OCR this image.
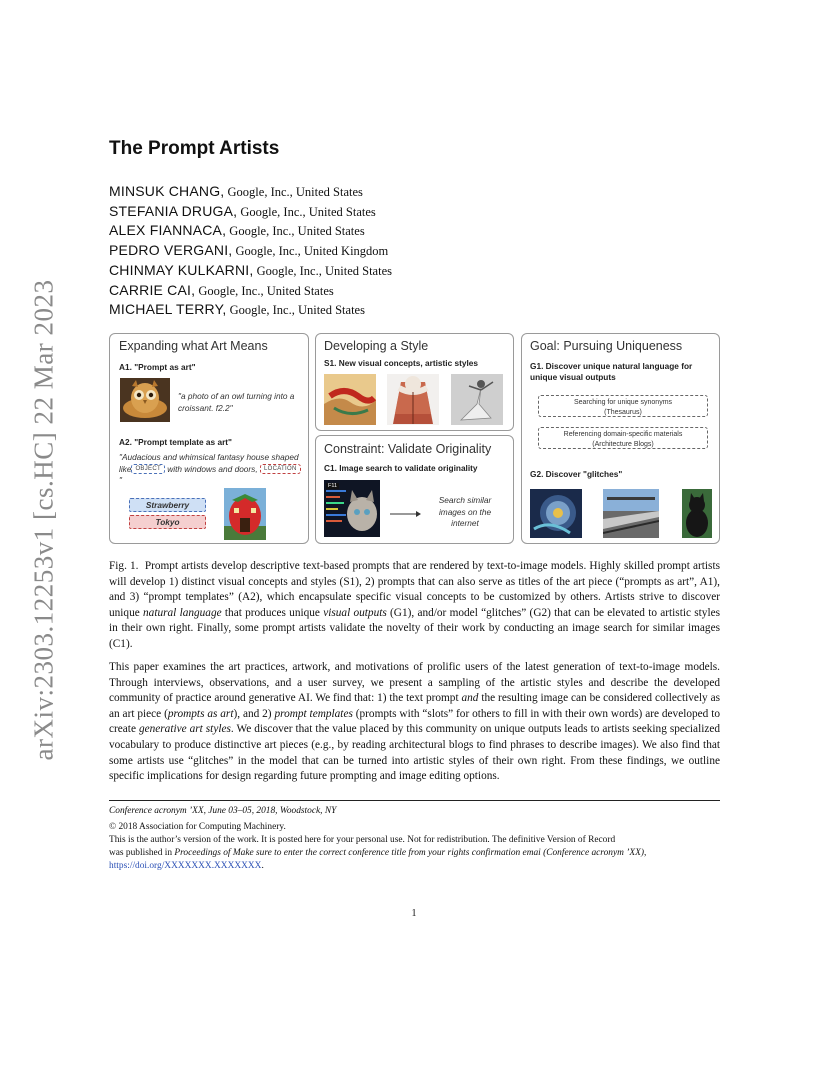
arXiv:2303.12253v1 [cs.HC] 22 Mar 2023
The Prompt Artists
MINSUK CHANG, Google, Inc., United States
STEFANIA DRUGA, Google, Inc., United States
ALEX FIANNACA, Google, Inc., United States
PEDRO VERGANI, Google, Inc., United Kingdom
CHINMAY KULKARNI, Google, Inc., United States
CARRIE CAI, Google, Inc., United States
MICHAEL TERRY, Google, Inc., United States
Expanding what Art Means
A1. "Prompt as art"
"a photo of an owl turning into a croissant. f2.2"
A2. "Prompt template as art"
"Audacious and whimsical fantasy house shaped like OBJECT with windows and doors, LOCATION"
Strawberry
Tokyo
Developing a Style
S1. New visual concepts, artistic styles
Constraint: Validate Originality
C1. Image search to validate originality
F11
Search similar images on the internet
Goal: Pursuing Uniqueness
G1. Discover unique natural language for unique visual outputs
Searching for unique synonyms
(Thesaurus)
Referencing domain-specific materials
(Architecture Blogs)
G2. Discover "glitches"

Fig. 1. Prompt artists develop descriptive text-based prompts that are rendered by text-to-image models. Highly skilled prompt artists will develop 1) distinct visual concepts and styles (S1), 2) prompts that can also serve as titles of the art piece (“prompts as art”, A1), and 3) “prompt templates” (A2), which encapsulate specific visual concepts to be customized by others. Artists strive to discover unique natural language that produces unique visual outputs (G1), and/or model “glitches” (G2) that can be elevated to artistic styles in their own right. Finally, some prompt artists validate the novelty of their work by conducting an image search for similar images (C1).

This paper examines the art practices, artwork, and motivations of prolific users of the latest generation of text-to-image models. Through interviews, observations, and a user survey, we present a sampling of the artistic styles and describe the developed community of practice around generative AI. We find that: 1) the text prompt and the resulting image can be considered collectively as an art piece (prompts as art), and 2) prompt templates (prompts with “slots” for others to fill in with their own words) are developed to create generative art styles. We discover that the value placed by this community on unique outputs leads to artists seeking specialized vocabulary to produce distinctive art pieces (e.g., by reading architectural blogs to find phrases to describe images). We also find that some artists use “glitches” in the model that can be turned into artistic styles of their own right. From these findings, we outline specific implications for design regarding future prompting and image editing options.

Conference acronym ’XX, June 03–05, 2018, Woodstock, NY
© 2018 Association for Computing Machinery.
This is the author’s version of the work. It is posted here for your personal use. Not for redistribution. The definitive Version of Record
was published in Proceedings of Make sure to enter the correct conference title from your rights confirmation emai (Conference acronym ’XX),
https://doi.org/XXXXXXX.XXXXXXX.
1
